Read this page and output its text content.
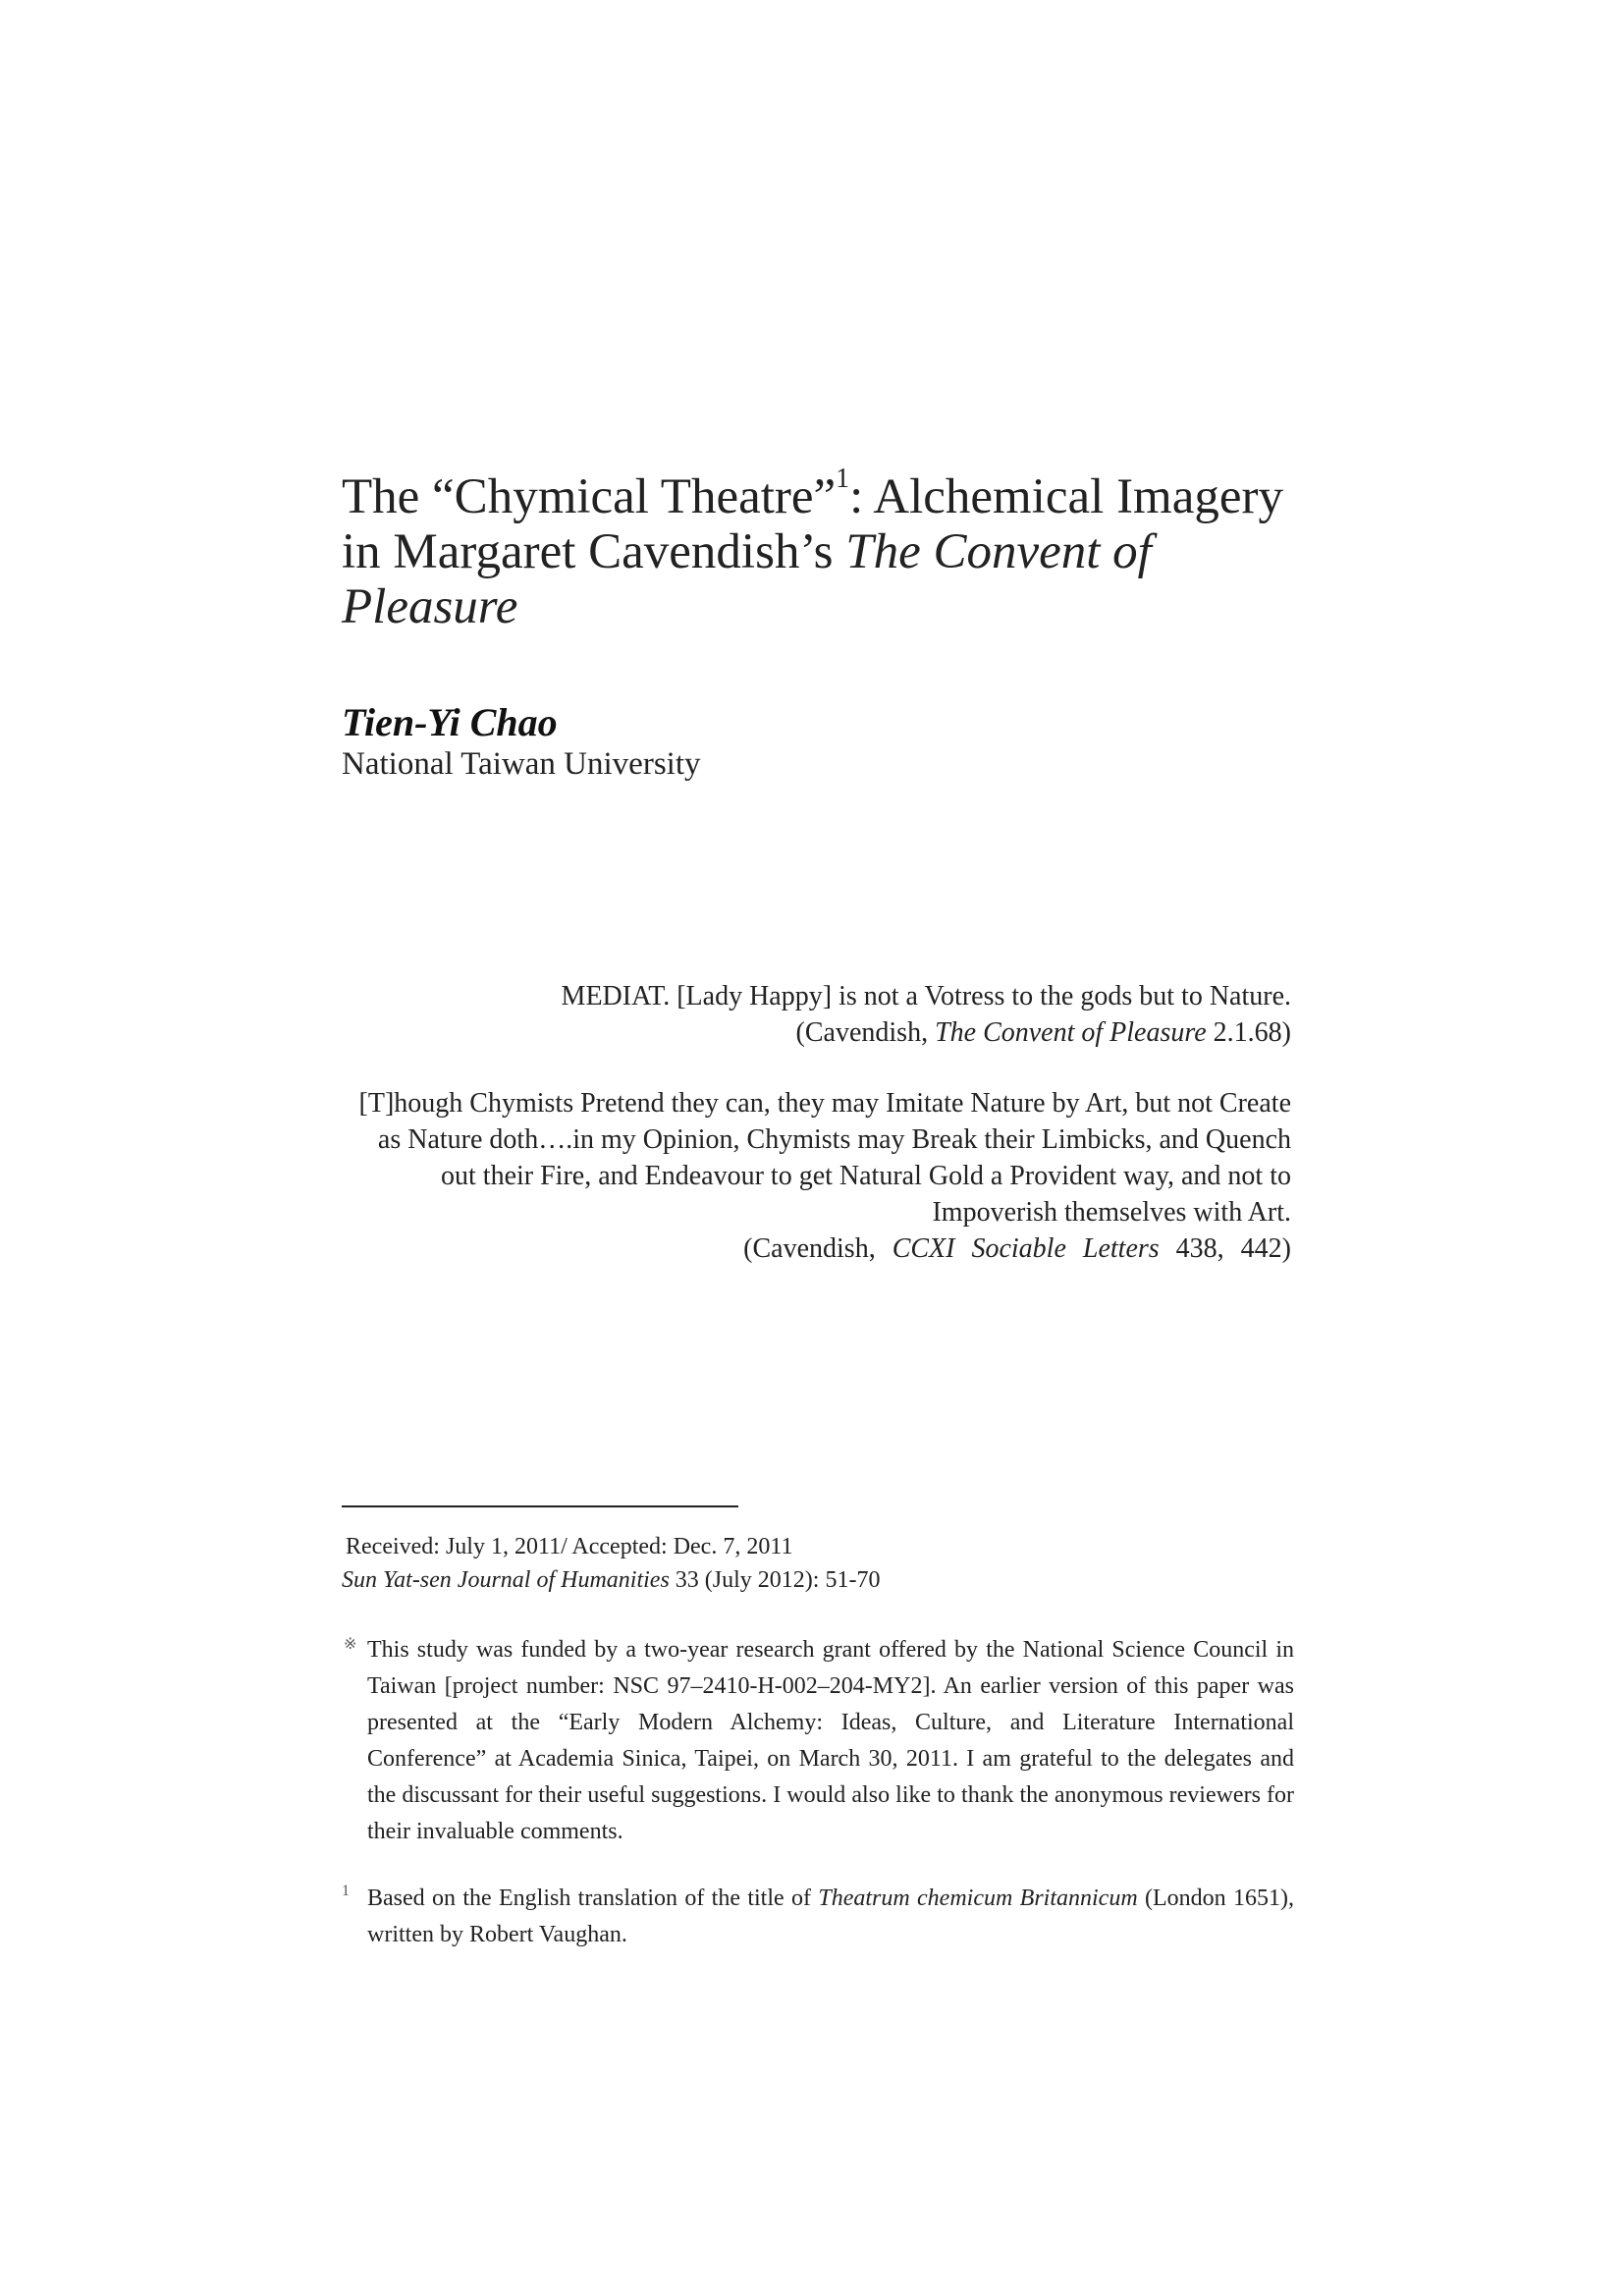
The “Chymical Theatre”$^1$: Alchemical Imagery
in Margaret Cavendish’s The Convent of
Pleasure
Tien-Yi Chao
National Taiwan University
MEDIAT. [Lady Happy] is not a Votress to the gods but to Nature.
(Cavendish, The Convent of Pleasure 2.1.68)
[T]hough Chymists Pretend they can, they may Imitate Nature by Art, but not Create
as Nature doth….in my Opinion, Chymists may Break their Limbicks, and Quench
out their Fire, and Endeavour to get Natural Gold a Provident way, and not to
Impoverish themselves with Art.
(Cavendish, CCXI Sociable Letters 438, 442)
Received: July 1, 2011/ Accepted: Dec. 7, 2011
Sun Yat-sen Journal of Humanities 33 (July 2012): 51-70
※ This study was funded by a two-year research grant offered by the National Science Council in Taiwan [project number: NSC 97–2410-H-002–204-MY2]. An earlier version of this paper was presented at the “Early Modern Alchemy: Ideas, Culture, and Literature International Conference” at Academia Sinica, Taipei, on March 30, 2011. I am grateful to the delegates and the discussant for their useful suggestions. I would also like to thank the anonymous reviewers for their invaluable comments.
1 Based on the English translation of the title of Theatrum chemicum Britannicum (London 1651), written by Robert Vaughan.
